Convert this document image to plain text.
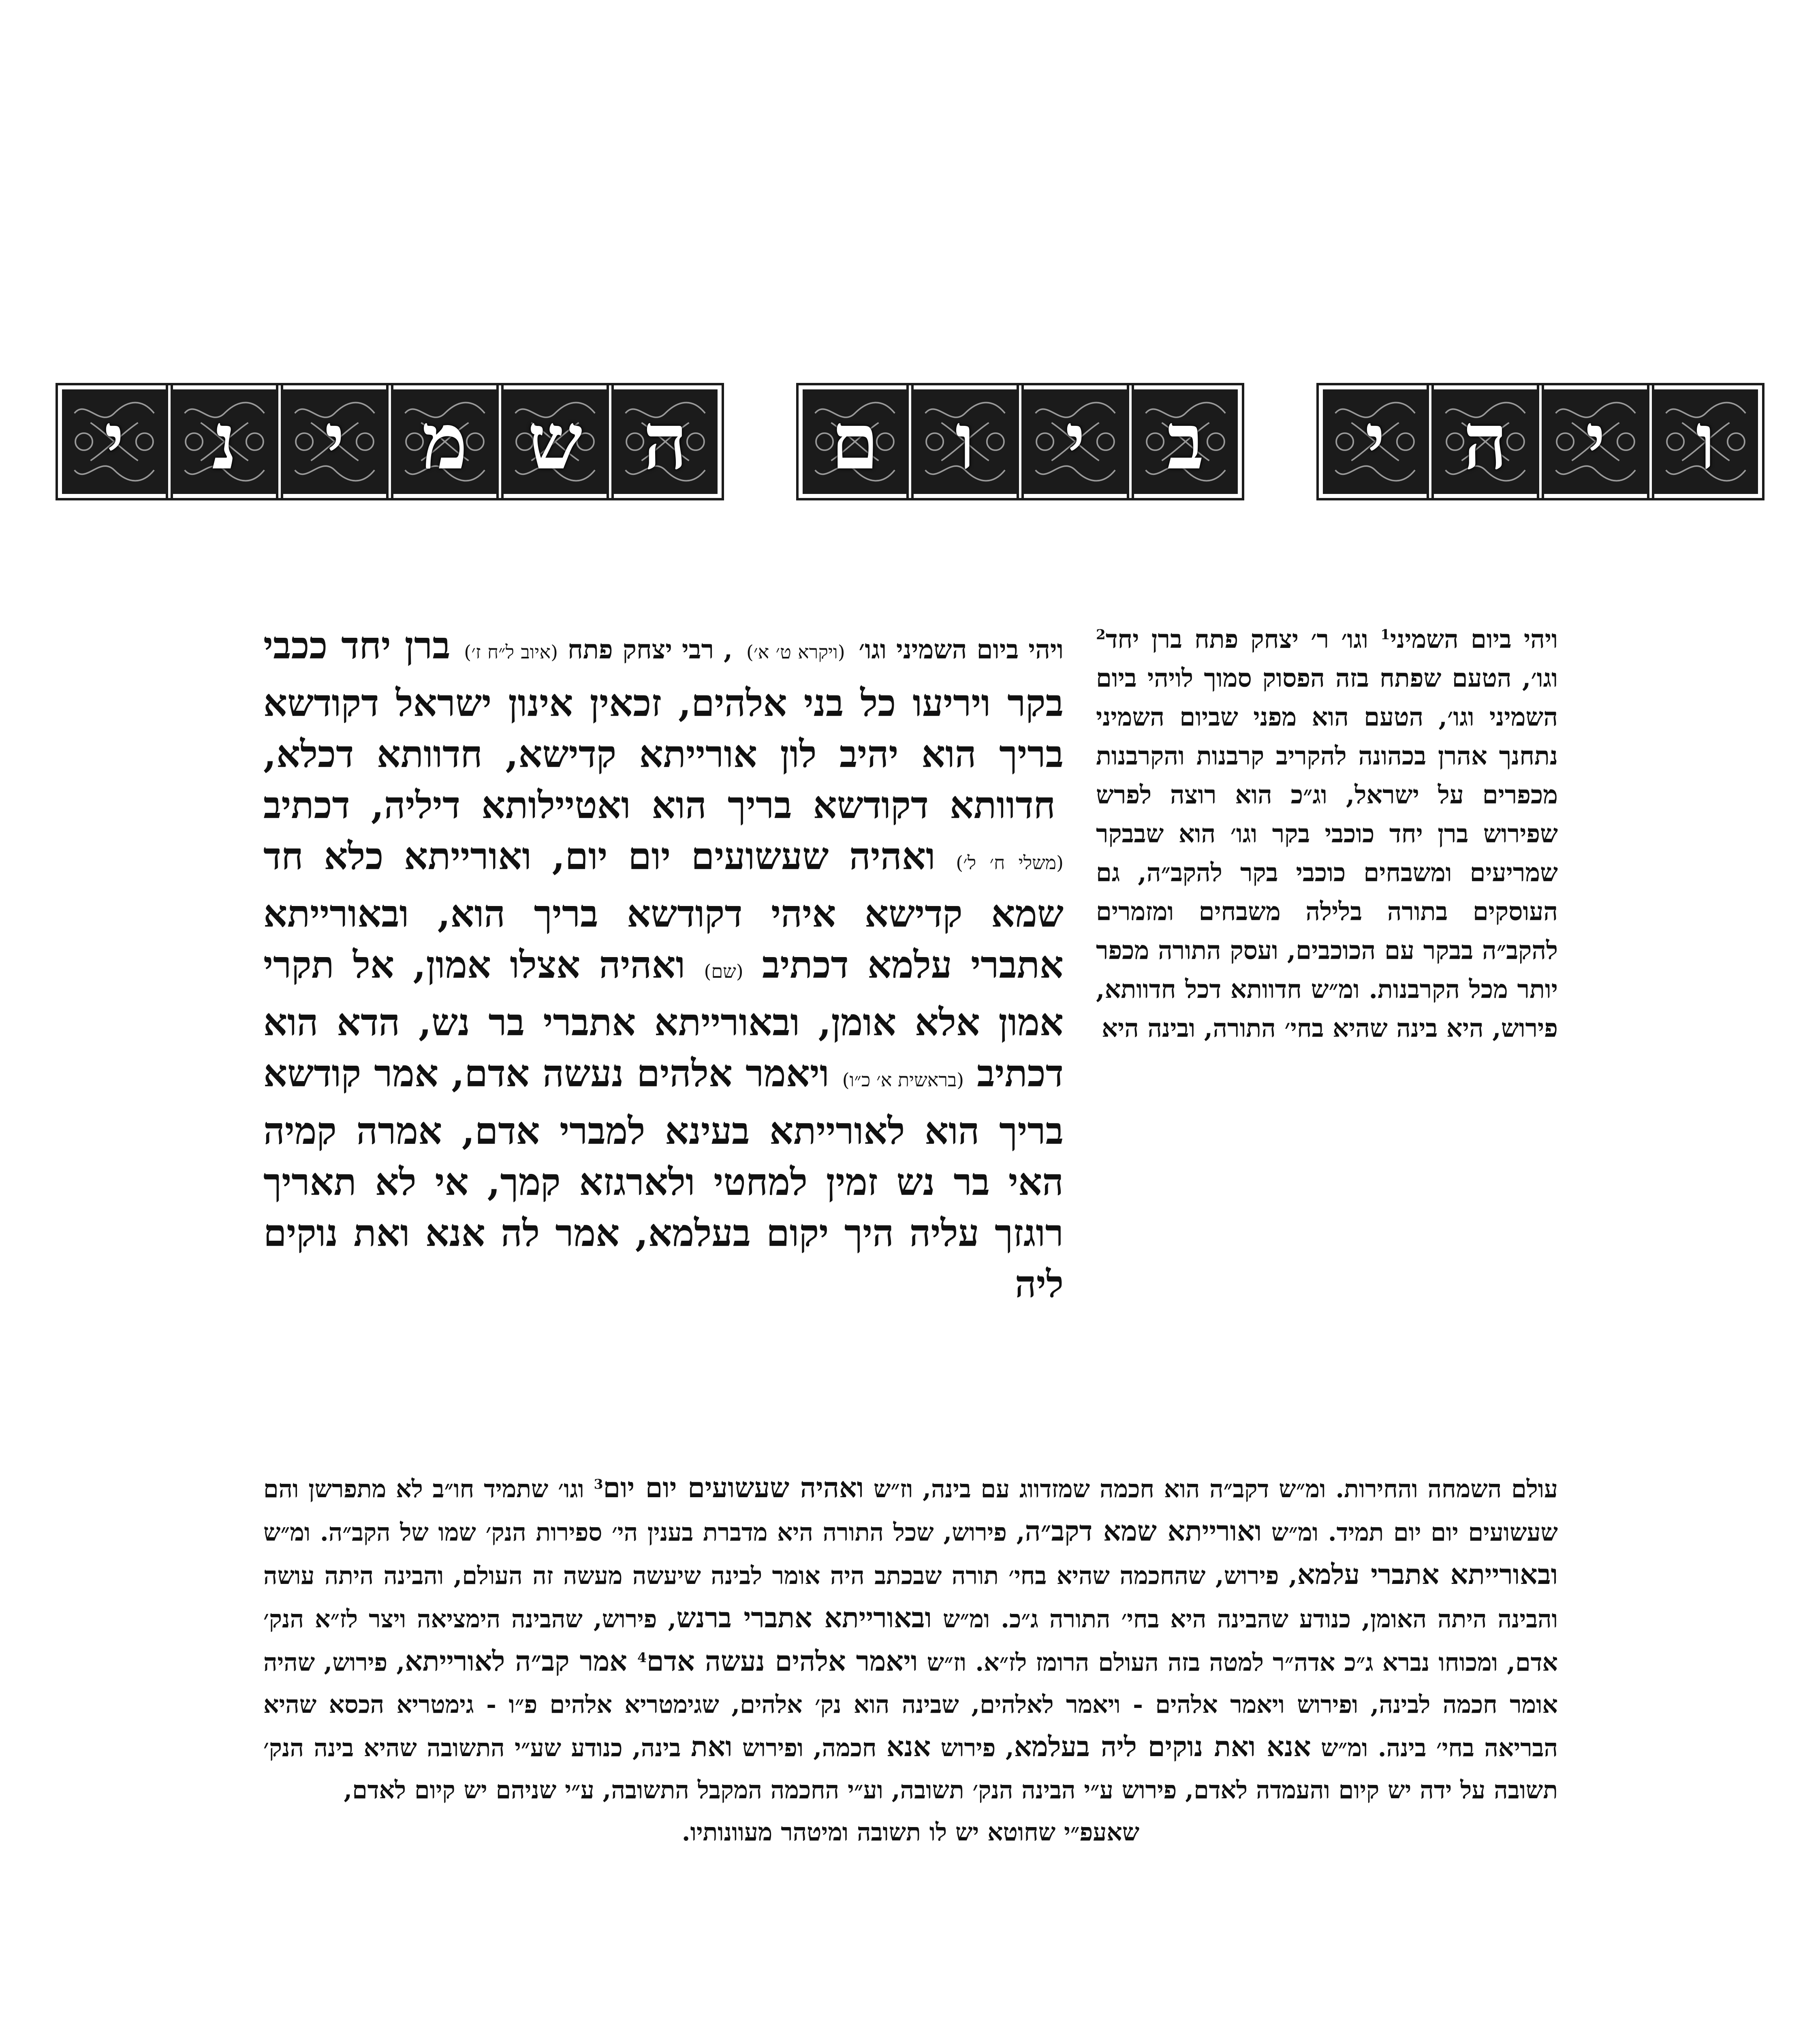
ו
י
ה
י
ב
י
ו
ם
ה
ש
מ
י
נ
י

ויהי ביום השמיני$^1$ וגו׳ ר׳ יצחק פתח ברן יחד$^2$ וגו׳, הטעם שפתח בזה הפסוק סמוך לויהי ביום השמיני וגו׳, הטעם הוא מפני שביום השמיני נתחנך אהרן בכהונה להקריב קרבנות והקרבנות מכפרים על ישראל, וג״כ הוא רוצה לפרש שפירוש ברן יחד כוכבי בקר וגו׳ הוא שבבקר שמריעים ומשבחים כוכבי בקר להקב״ה, גם העוסקים בתורה בלילה משבחים ומזמרים להקב״ה בבקר עם הכוכבים, ועסק התורה מכפר יותר מכל הקרבנות. ומ״ש חדוותא דכל חדוותא, פירוש, היא בינה שהיא בחי׳ התורה, ובינה היא

ויהי ביום השמיני וגו׳ (ויקרא ט׳ א׳) , רבי יצחק פתח (איוב ל״ח ז׳) ברן יחד ככבי בקר ויריעו כל בני אלהים, זכאין אינון ישראל דקודשא בריך הוא יהיב לון אורייתא קדישא, חדוותא דכלא, חדוותא דקודשא בריך הוא ואטיילותא דיליה, דכתיב (משלי ח׳ ל׳) ואהיה שעשועים יום יום, ואורייתא כלא חד שמא קדישא איהי דקודשא בריך הוא, ובאורייתא אתברי עלמא דכתיב (שם) ואהיה אצלו אמון, אל תקרי אמון אלא אומן, ובאורייתא אתברי בר נש, הדא הוא דכתיב (בראשית א׳ כ״ו) ויאמר אלהים נעשה אדם, אמר קודשא בריך הוא לאורייתא בעינא למברי אדם, אמרה קמיה האי בר נש זמין למחטי ולארגזא קמך, אי לא תאריך רוגזך עליה היך יקום בעלמא, אמר לה אנא ואת נוקים ליה
עולם השמחה והחירות. ומ״ש דקב״ה הוא חכמה שמזדווג עם בינה, וז״ש ואהיה שעשועים יום יום$^3$ וגו׳ שתמיד חו״ב לא מתפרשן והם שעשועים יום יום תמיד. ומ״ש ואורייתא שמא דקב״ה, פירוש, שכל התורה היא מדברת בענין הי׳ ספירות הנק׳ שמו של הקב״ה. ומ״ש ובאורייתא אתברי עלמא, פירוש, שהחכמה שהיא בחי׳ תורה שבכתב היה אומר לבינה שיעשה מעשה זה העולם, והבינה היתה עושה והבינה היתה האומן, כנודע שהבינה היא בחי׳ התורה ג״כ. ומ״ש ובאורייתא אתברי ברנש, פירוש, שהבינה הימציאה ויצר לז״א הנק׳ אדם, ומכוחו נברא ג״כ אדה״ר למטה בזה העולם הרומז לז״א. וז״ש ויאמר אלהים נעשה אדם$^4$ אמר קב״ה לאורייתא, פירוש, שהיה אומר חכמה לבינה, ופירוש ויאמר אלהים - ויאמר לאלהים, שבינה הוא נק׳ אלהים, שגימטריא אלהים פ״ו - גימטריא הכסא שהיא הבריאה בחי׳ בינה. ומ״ש אנא ואת נוקים ליה בעלמא, פירוש אנא חכמה, ופירוש ואת בינה, כנודע שע״י התשובה שהיא בינה הנק׳ תשובה על ידה יש קיום והעמדה לאדם, פירוש ע״י הבינה הנק׳ תשובה, וע״י החכמה המקבל התשובה, ע״י שניהם יש קיום לאדם,
שאעפ״י שחוטא יש לו תשובה ומיטהר מעוונותיו.
